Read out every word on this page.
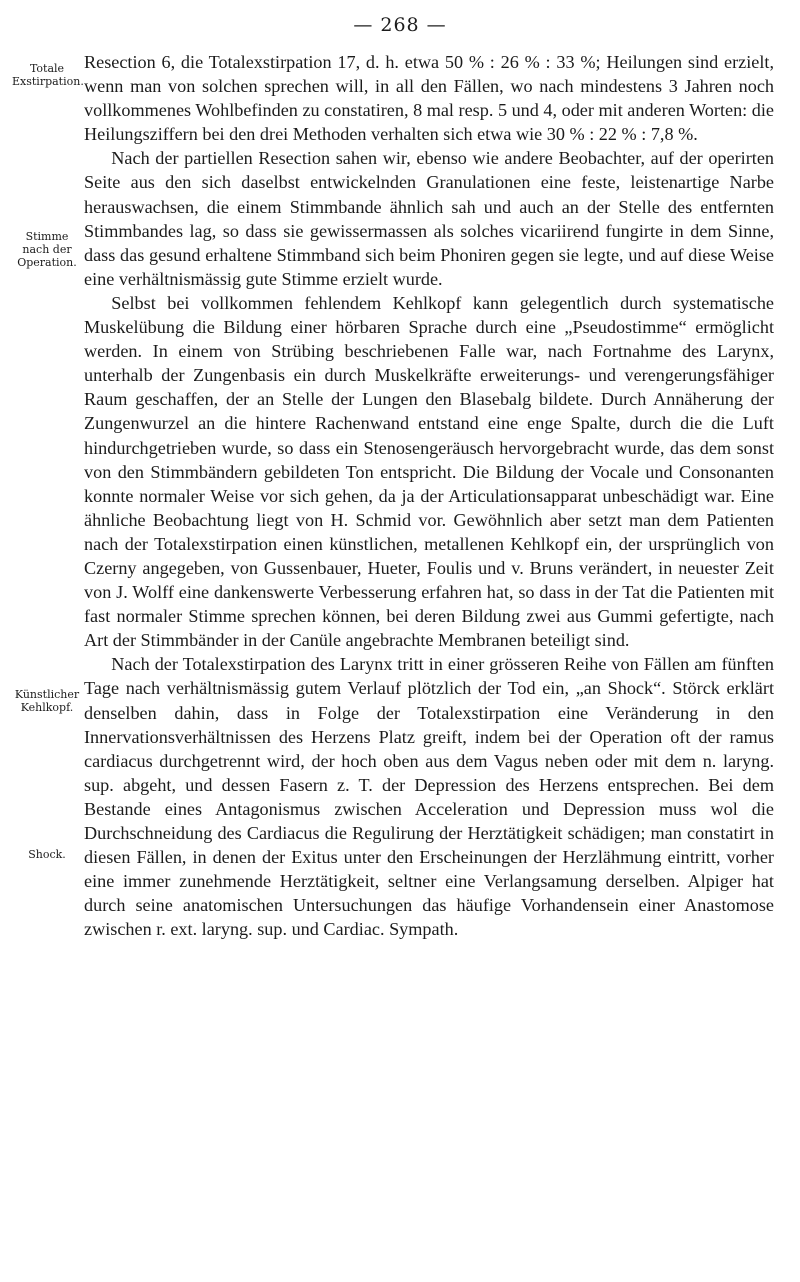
— 268 —
Totale Exstirpation.
Stimme nach der Operation.
Künstlicher Kehlkopf.
Shock.

Resection 6, die Totalexstirpation 17, d. h. etwa 50 % : 26 % : 33 %; Heilungen sind erzielt, wenn man von solchen sprechen will, in all den Fällen, wo nach mindestens 3 Jahren noch vollkommenes Wohlbefinden zu constatiren, 8 mal resp. 5 und 4, oder mit anderen Worten: die Heilungsziffern bei den drei Methoden verhalten sich etwa wie 30 % : 22 % : 7,8 %.

Nach der partiellen Resection sahen wir, ebenso wie andere Beobachter, auf der operirten Seite aus den sich daselbst entwickelnden Granulationen eine feste, leistenartige Narbe herauswachsen, die einem Stimmbande ähnlich sah und auch an der Stelle des entfernten Stimmbandes lag, so dass sie gewissermassen als solches vicariirend fungirte in dem Sinne, dass das gesund erhaltene Stimmband sich beim Phoniren gegen sie legte, und auf diese Weise eine verhältnismässig gute Stimme erzielt wurde.

Selbst bei vollkommen fehlendem Kehlkopf kann gelegentlich durch systematische Muskelübung die Bildung einer hörbaren Sprache durch eine „Pseudostimme“ ermöglicht werden. In einem von Strübing beschriebenen Falle war, nach Fortnahme des Larynx, unterhalb der Zungenbasis ein durch Muskelkräfte erweiterungs- und verengerungsfähiger Raum geschaffen, der an Stelle der Lungen den Blasebalg bildete. Durch Annäherung der Zungenwurzel an die hintere Rachenwand entstand eine enge Spalte, durch die die Luft hindurchgetrieben wurde, so dass ein Stenosengeräusch hervorgebracht wurde, das dem sonst von den Stimmbändern gebildeten Ton entspricht. Die Bildung der Vocale und Consonanten konnte normaler Weise vor sich gehen, da ja der Articulationsapparat unbeschädigt war. Eine ähnliche Beobachtung liegt von H. Schmid vor. Gewöhnlich aber setzt man dem Patienten nach der Totalexstirpation einen künstlichen, metallenen Kehlkopf ein, der ursprünglich von Czerny angegeben, von Gussenbauer, Hueter, Foulis und v. Bruns verändert, in neuester Zeit von J. Wolff eine dankenswerte Verbesserung erfahren hat, so dass in der Tat die Patienten mit fast normaler Stimme sprechen können, bei deren Bildung zwei aus Gummi gefertigte, nach Art der Stimmbänder in der Canüle angebrachte Membranen beteiligt sind.

Nach der Totalexstirpation des Larynx tritt in einer grösseren Reihe von Fällen am fünften Tage nach verhältnismässig gutem Verlauf plötzlich der Tod ein, „an Shock“. Störck erklärt denselben dahin, dass in Folge der Totalexstirpation eine Veränderung in den Innervationsverhältnissen des Herzens Platz greift, indem bei der Operation oft der ramus cardiacus durchgetrennt wird, der hoch oben aus dem Vagus neben oder mit dem n. laryng. sup. abgeht, und dessen Fasern z. T. der Depression des Herzens entsprechen. Bei dem Bestande eines Antagonismus zwischen Acceleration und Depression muss wol die Durchschneidung des Cardiacus die Regulirung der Herztätigkeit schädigen; man constatirt in diesen Fällen, in denen der Exitus unter den Erscheinungen der Herzlähmung eintritt, vorher eine immer zunehmende Herztätigkeit, seltner eine Verlangsamung derselben. Alpiger hat durch seine anatomischen Untersuchungen das häufige Vorhandensein einer Anastomose zwischen r. ext. laryng. sup. und Cardiac. Sympath.
